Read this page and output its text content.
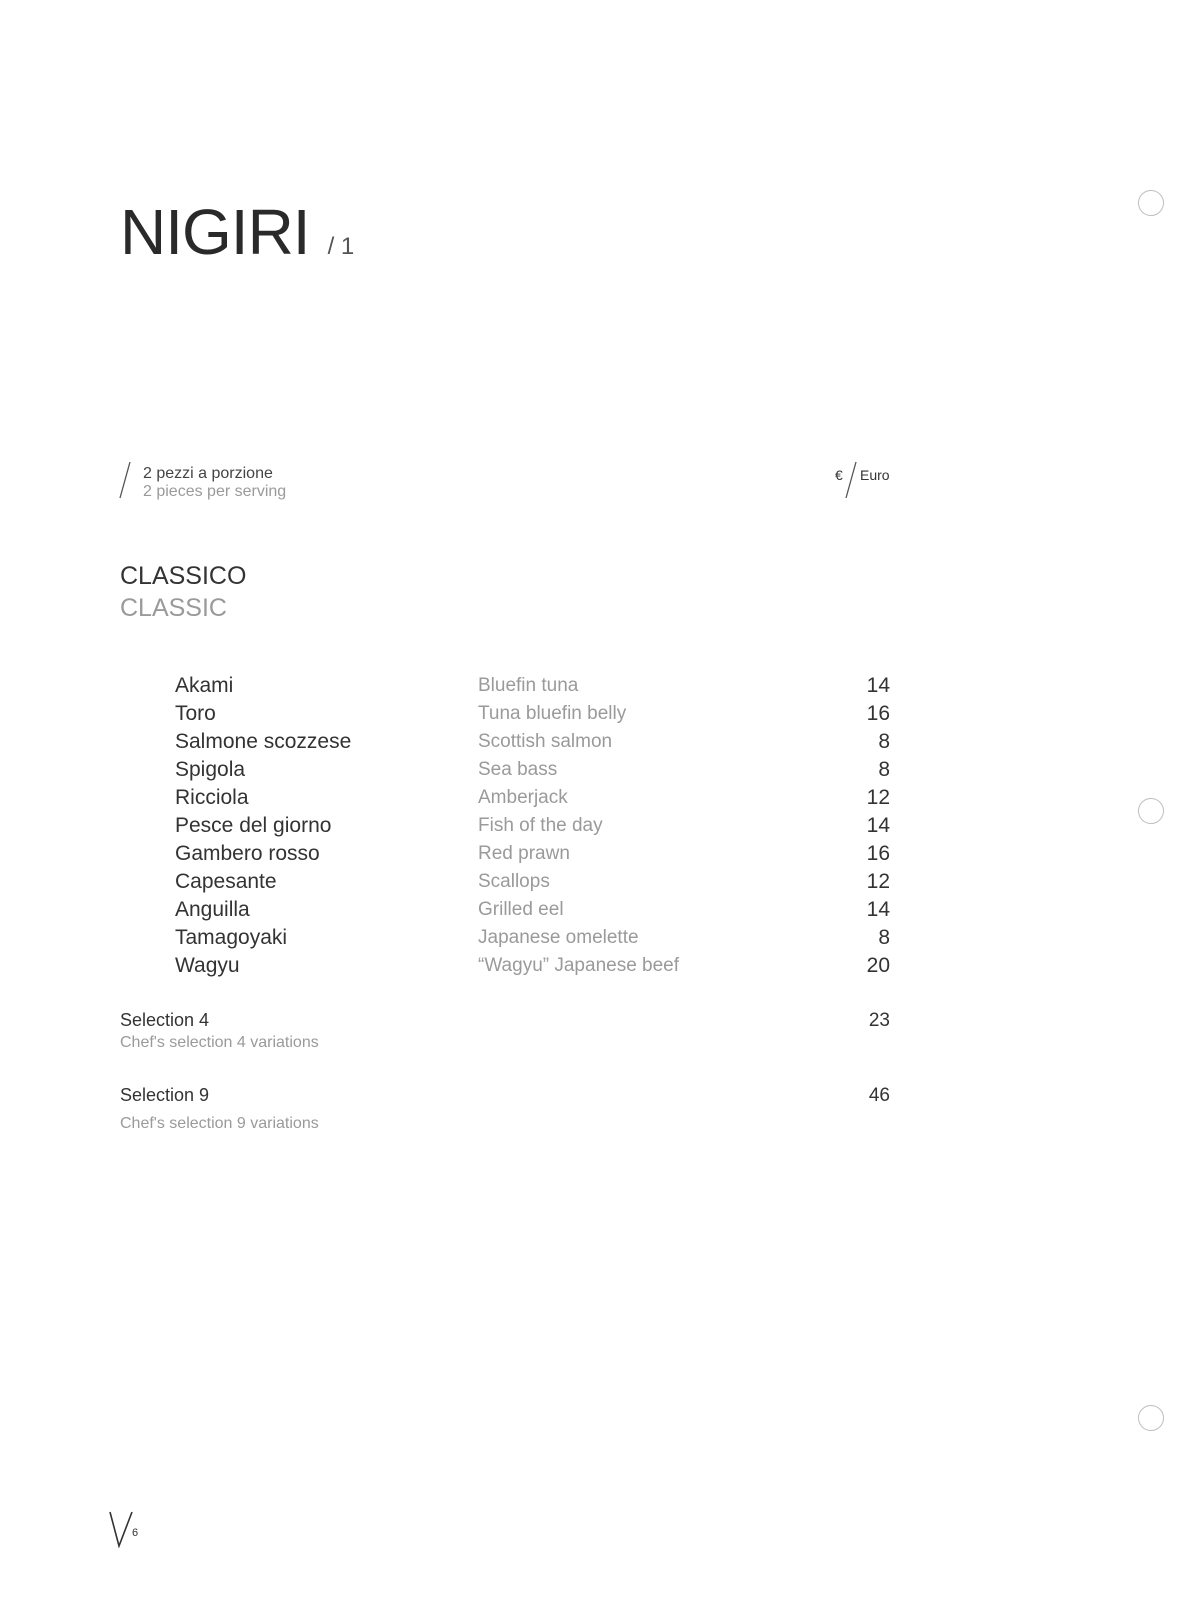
NIGIRI / 1
2 pezzi a porzione
2 pieces per serving
€ Euro
CLASSICO
CLASSIC
Akami	Bluefin tuna	14
Toro	Tuna bluefin belly	16
Salmone scozzese	Scottish salmon	8
Spigola	Sea bass	8
Ricciola	Amberjack	12
Pesce del giorno	Fish of the day	14
Gambero rosso	Red prawn	16
Capesante	Scallops	12
Anguilla	Grilled eel	14
Tamagoyaki	Japanese omelette	8
Wagyu	“Wagyu” Japanese beef	20
Selection 4
Chef's selection 4 variations
23
Selection 9
Chef's selection 9 variations
46
6
